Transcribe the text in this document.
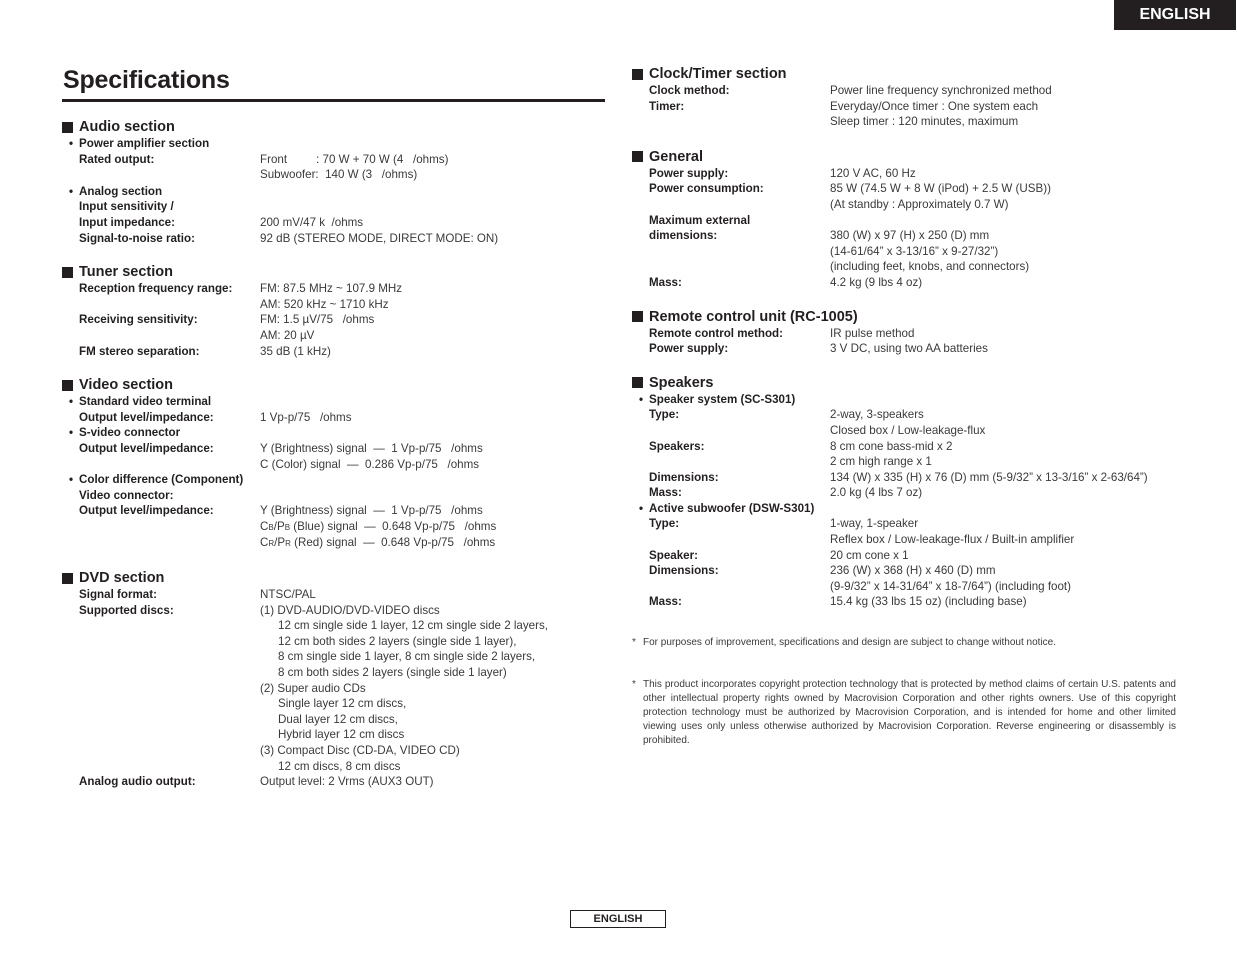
ENGLISH
Specifications
Audio section
• Power amplifier section
Rated output:	Front         : 70 W + 70 W (4   /ohms)
Subwoofer:  140 W (3   /ohms)
• Analog section
Input sensitivity /
Input impedance:	200 mV/47 k  /ohms
Signal-to-noise ratio:	92 dB (STEREO MODE, DIRECT MODE: ON)
Tuner section
Reception frequency range:	FM: 87.5 MHz ~ 107.9 MHz
AM: 520 kHz ~ 1710 kHz
Receiving sensitivity:	FM: 1.5 µV/75   /ohms
AM: 20 µV
FM stereo separation:	35 dB (1 kHz)
Video section
• Standard video terminal
Output level/impedance:	1 Vp-p/75   /ohms
• S-video connector
Output level/impedance:	Y (Brightness) signal  —  1 Vp-p/75   /ohms
C (Color) signal  —  0.286 Vp-p/75   /ohms
• Color difference (Component)
Video connector:
Output level/impedance:	Y (Brightness) signal  —  1 Vp-p/75   /ohms
CB/PB (Blue) signal  —  0.648 Vp-p/75   /ohms
CR/PR (Red) signal  —  0.648 Vp-p/75   /ohms
DVD section
Signal format:	NTSC/PAL
Supported discs:	(1) DVD-AUDIO/DVD-VIDEO discs
12 cm single side 1 layer, 12 cm single side 2 layers,
12 cm both sides 2 layers (single side 1 layer),
8 cm single side 1 layer, 8 cm single side 2 layers,
8 cm both sides 2 layers (single side 1 layer)
(2) Super audio CDs
Single layer 12 cm discs,
Dual layer 12 cm discs,
Hybrid layer 12 cm discs
(3) Compact Disc (CD-DA, VIDEO CD)
12 cm discs, 8 cm discs
Analog audio output:	Output level: 2 Vrms (AUX3 OUT)
Clock/Timer section
Clock method:	Power line frequency synchronized method
Timer:	Everyday/Once timer : One system each
Sleep timer : 120 minutes, maximum
General
Power supply:	120 V AC, 60 Hz
Power consumption:	85 W (74.5 W + 8 W (iPod) + 2.5 W (USB))
(At standby : Approximately 0.7 W)
Maximum external
dimensions:	380 (W) x 97 (H) x 250 (D) mm
(14-61/64” x 3-13/16” x 9-27/32”)
(including feet, knobs, and connectors)
Mass:	4.2 kg (9 lbs 4 oz)
Remote control unit (RC-1005)
Remote control method:	IR pulse method
Power supply:	3 V DC, using two AA batteries
Speakers
• Speaker system (SC-S301)
Type:	2-way, 3-speakers
Closed box / Low-leakage-flux
Speakers:	8 cm cone bass-mid x 2
2 cm high range x 1
Dimensions:	134 (W) x 335 (H) x 76 (D) mm (5-9/32” x 13-3/16” x 2-63/64”)
Mass:	2.0 kg (4 lbs 7 oz)
• Active subwoofer (DSW-S301)
Type:	1-way, 1-speaker
Reflex box / Low-leakage-flux / Built-in amplifier
Speaker:	20 cm cone x 1
Dimensions:	236 (W) x 368 (H) x 460 (D) mm
(9-9/32” x 14-31/64” x 18-7/64”) (including foot)
Mass:	15.4 kg (33 lbs 15 oz) (including base)
* For purposes of improvement, specifications and design are subject to change without notice.
* This product incorporates copyright protection technology that is protected by method claims of certain U.S. patents and other intellectual property rights owned by Macrovision Corporation and other rights owners. Use of this copyright protection technology must be authorized by Macrovision Corporation, and is intended for home and other limited viewing uses only unless otherwise authorized by Macrovision Corporation. Reverse engineering or disassembly is prohibited.
ENGLISH
